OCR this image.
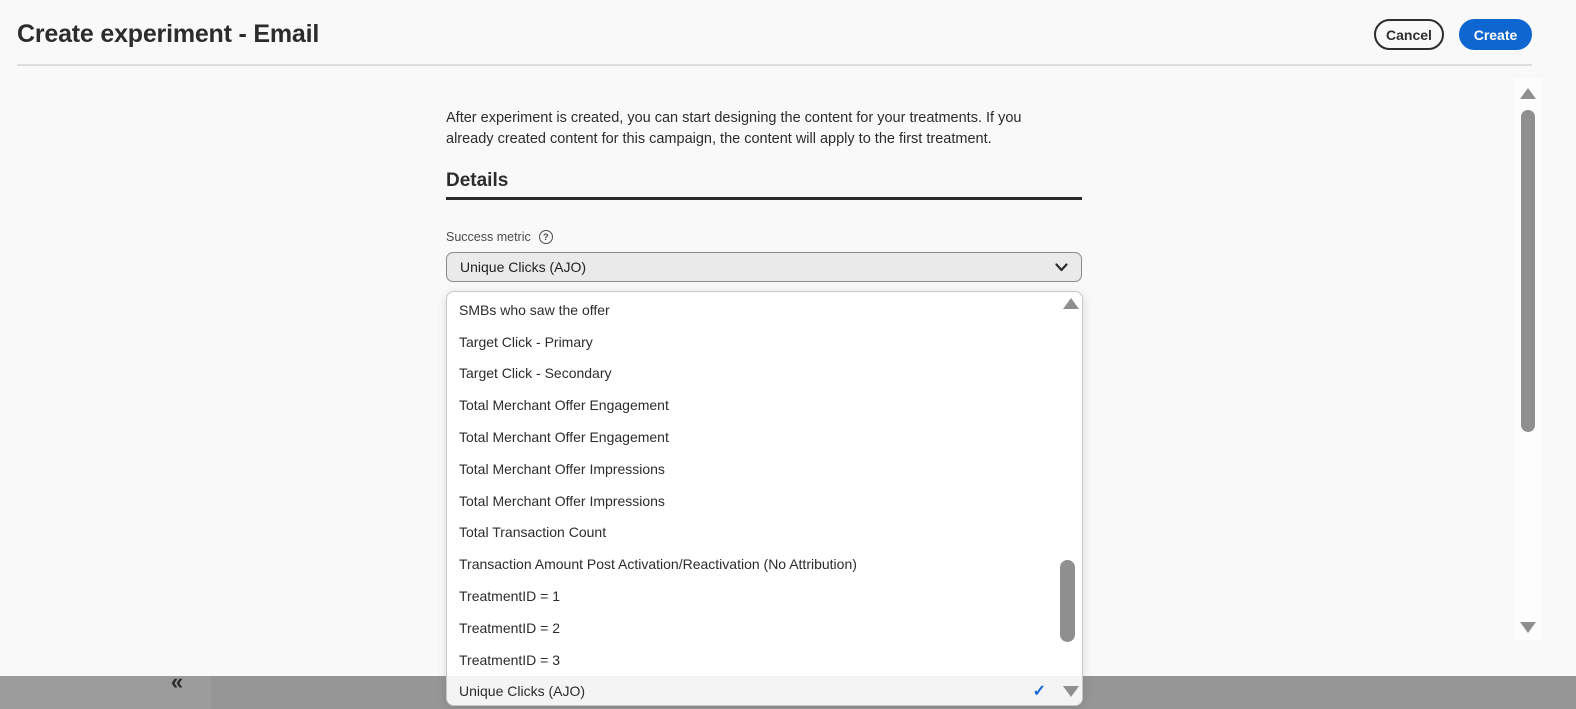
Create experiment - Email	Cancel	Create
After experiment is created, you can start designing the content for your treatments. If you already created content for this campaign, the content will apply to the first treatment.
Details
Success metric	?
Unique Clicks (AJO)
SMBs who saw the offer
Target Click - Primary
Target Click - Secondary
Total Merchant Offer Engagement
Total Merchant Offer Engagement
Total Merchant Offer Impressions
Total Merchant Offer Impressions
Total Transaction Count
Transaction Amount Post Activation/Reactivation (No Attribution)
TreatmentID = 1
TreatmentID = 2
TreatmentID = 3
Unique Clicks (AJO)	✓
«
